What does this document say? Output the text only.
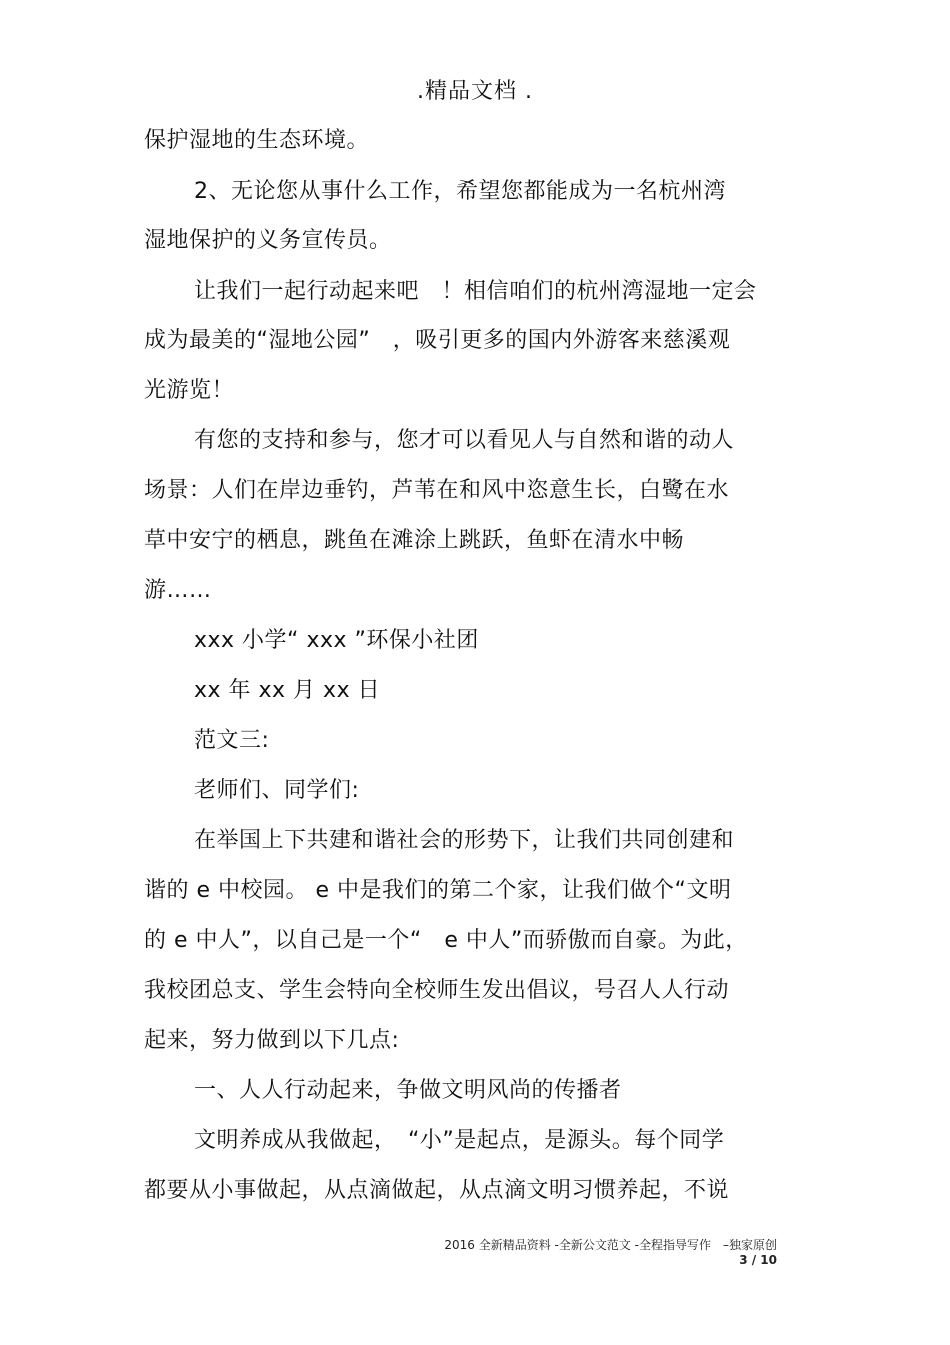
.精品文档 .
保护湿地的生态环境。
2、无论您从事什么工作，希望您都能成为一名杭州湾
湿地保护的义务宣传员。
让我们一起行动起来吧　！相信咱们的杭州湾湿地一定会
成为最美的“湿地公园”　，吸引更多的国内外游客来慈溪观
光游览！
有您的支持和参与，您才可以看见人与自然和谐的动人
场景：人们在岸边垂钓，芦苇在和风中恣意生长，白鹭在水
草中安宁的栖息，跳鱼在滩涂上跳跃，鱼虾在清水中畅
游……
xxx 小学“ xxx ”环保小社团
xx 年 xx 月 xx 日
范文三:
老师们、同学们:
在举国上下共建和谐社会的形势下，让我们共同创建和
谐的 e 中校园。 e 中是我们的第二个家，让我们做个“文明
的 e 中人”，以自己是一个“　e 中人”而骄傲而自豪。为此，
我校团总支、学生会特向全校师生发出倡议，号召人人行动
起来，努力做到以下几点:
一、人人行动起来，争做文明风尚的传播者
文明养成从我做起，　“小”是起点，是源头。每个同学
都要从小事做起，从点滴做起，从点滴文明习惯养起，不说
2016 全新精品资料 -全新公文范文 -全程指导写作　–独家原创
3 / 10
